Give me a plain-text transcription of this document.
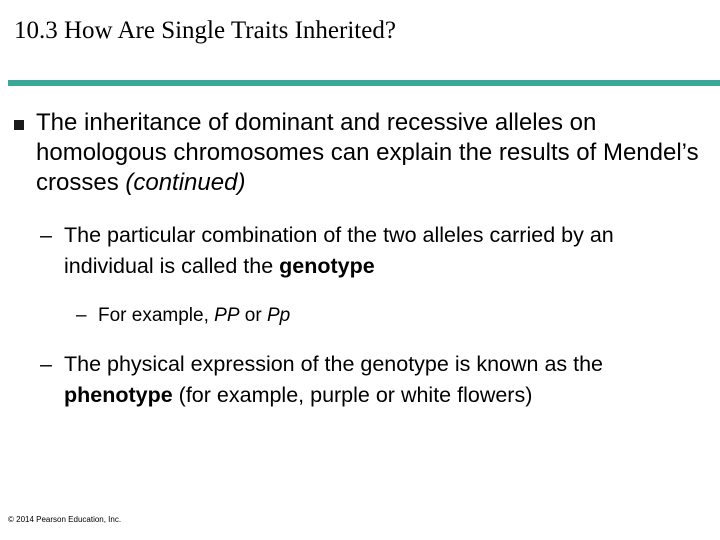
10.3 How Are Single Traits Inherited?
The inheritance of dominant and recessive alleles on homologous chromosomes can explain the results of Mendel’s crosses (continued)
– The particular combination of the two alleles carried by an individual is called the genotype
– For example, PP or Pp
– The physical expression of the genotype is known as the phenotype (for example, purple or white flowers)
© 2014 Pearson Education, Inc.
